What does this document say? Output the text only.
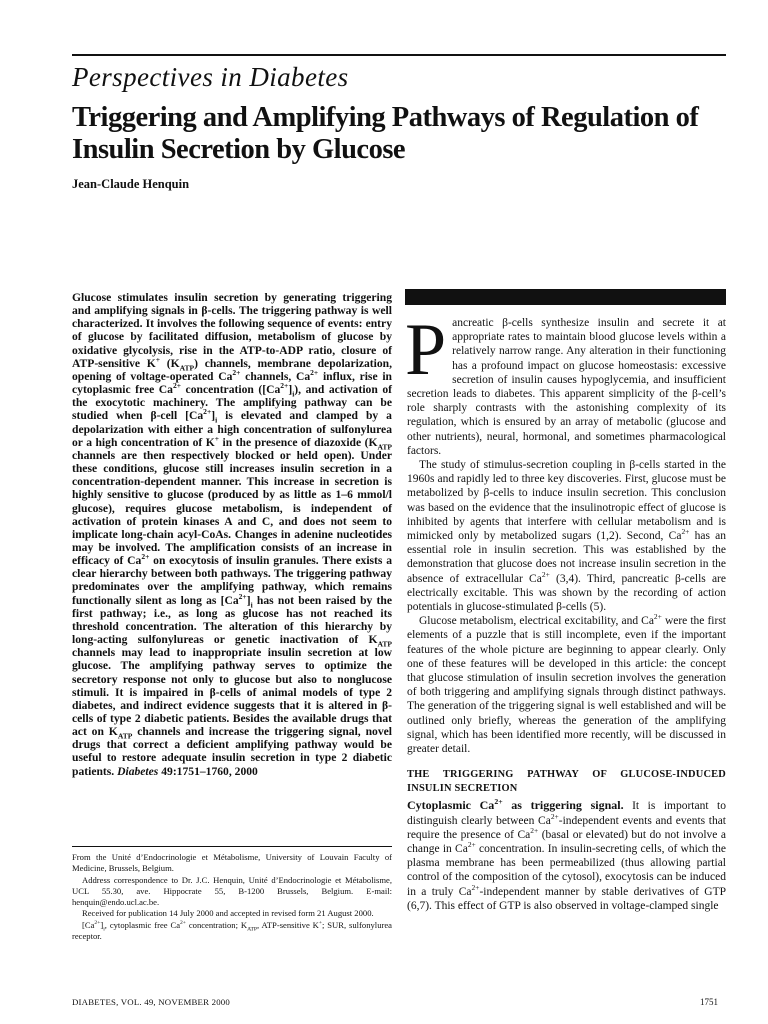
Perspectives in Diabetes
Triggering and Amplifying Pathways of Regulation of Insulin Secretion by Glucose
Jean-Claude Henquin
Glucose stimulates insulin secretion by generating triggering and amplifying signals in β-cells. The triggering pathway is well characterized. It involves the following sequence of events: entry of glucose by facilitated diffusion, metabolism of glucose by oxidative glycolysis, rise in the ATP-to-ADP ratio, closure of ATP-sensitive K+ $(K_{ATP})$ channels, membrane depolarization, opening of voltage-operated $Ca^{2+}$ channels, $Ca^{2+}$ influx, rise in cytoplasmic free $Ca^{2+}$ concentration $([Ca^{2+}]_i)$, and activation of the exocytotic machinery. The amplifying pathway can be studied when β-cell $[Ca^{2+}]_i$ is elevated and clamped by a depolarization with either a high concentration of sulfonylurea or a high concentration of K+ in the presence of diazoxide ($K_{ATP}$ channels are then respectively blocked or held open). Under these conditions, glucose still increases insulin secretion in a concentration-dependent manner. This increase in secretion is highly sensitive to glucose (produced by as little as 1–6 mmol/l glucose), requires glucose metabolism, is independent of activation of protein kinases A and C, and does not seem to implicate long-chain acyl-CoAs. Changes in adenine nucleotides may be involved. The amplification consists of an increase in efficacy of $Ca^{2+}$ on exocytosis of insulin granules. There exists a clear hierarchy between both pathways. The triggering pathway predominates over the amplifying pathway, which remains functionally silent as long as $[Ca^{2+}]_i$ has not been raised by the first pathway; i.e., as long as glucose has not reached its threshold concentration. The alteration of this hierarchy by long-acting sulfonylureas or genetic inactivation of $K_{ATP}$ channels may lead to inappropriate insulin secretion at low glucose. The amplifying pathway serves to optimize the secretory response not only to glucose but also to nonglucose stimuli. It is impaired in β-cells of animal models of type 2 diabetes, and indirect evidence suggests that it is altered in β-cells of type 2 diabetic patients. Besides the available drugs that act on $K_{ATP}$ channels and increase the triggering signal, novel drugs that correct a deficient amplifying pathway would be useful to restore adequate insulin secretion in type 2 diabetic patients. Diabetes 49:1751–1760, 2000

From the Unité d’Endocrinologie et Métabolisme, University of Louvain Faculty of Medicine, Brussels, Belgium.

Address correspondence to Dr. J.C. Henquin, Unité d’Endocrinologie et Métabolisme, UCL 55.30, ave. Hippocrate 55, B-1200 Brussels, Belgium. E-mail: henquin@endo.ucl.ac.be.

Received for publication 14 July 2000 and accepted in revised form 21 August 2000.

$[Ca^{2+}]_i$, cytoplasmic free $Ca^{2+}$ concentration; $K_{ATP}$, ATP-sensitive K+; SUR, sulfonylurea receptor.

Pancreatic β-cells synthesize insulin and secrete it at appropriate rates to maintain blood glucose levels within a relatively narrow range. Any alteration in their functioning has a profound impact on glucose homeostasis: excessive secretion of insulin causes hypoglycemia, and insufficient secretion leads to diabetes. This apparent simplicity of the β-cell’s role sharply contrasts with the astonishing complexity of its regulation, which is ensured by an array of metabolic (glucose and other nutrients), neural, hormonal, and sometimes pharmacological factors.

The study of stimulus-secretion coupling in β-cells started in the 1960s and rapidly led to three key discoveries. First, glucose must be metabolized by β-cells to induce insulin secretion. This conclusion was based on the evidence that the insulinotropic effect of glucose is inhibited by agents that interfere with cellular metabolism and is mimicked only by metabolized sugars (1,2). Second, $Ca^{2+}$ has an essential role in insulin secretion. This was established by the demonstration that glucose does not increase insulin secretion in the absence of extracellular $Ca^{2+}$ (3,4). Third, pancreatic β-cells are electrically excitable. This was shown by the recording of action potentials in glucose-stimulated β-cells (5).

Glucose metabolism, electrical excitability, and $Ca^{2+}$ were the first elements of a puzzle that is still incomplete, even if the important features of the whole picture are beginning to appear clearly. Only one of these features will be developed in this article: the concept that glucose stimulation of insulin secretion involves the generation of both triggering and amplifying signals through distinct pathways. The generation of the triggering signal is well established and will be outlined only briefly, whereas the generation of the amplifying signal, which has been identified more recently, will be discussed in greater detail.

THE TRIGGERING PATHWAY OF GLUCOSE-INDUCED INSULIN SECRETION

Cytoplasmic $Ca^{2+}$ as triggering signal. It is important to distinguish clearly between $Ca^{2+}$-independent events and events that require the presence of $Ca^{2+}$ (basal or elevated) but do not involve a change in $Ca^{2+}$ concentration. In insulin-secreting cells, of which the plasma membrane has been permeabilized (thus allowing partial control of the composition of the cytosol), exocytosis can be induced in a truly $Ca^{2+}$-independent manner by stable derivatives of GTP (6,7). This effect of GTP is also observed in voltage-clamped single

DIABETES, VOL. 49, NOVEMBER 2000	1751
